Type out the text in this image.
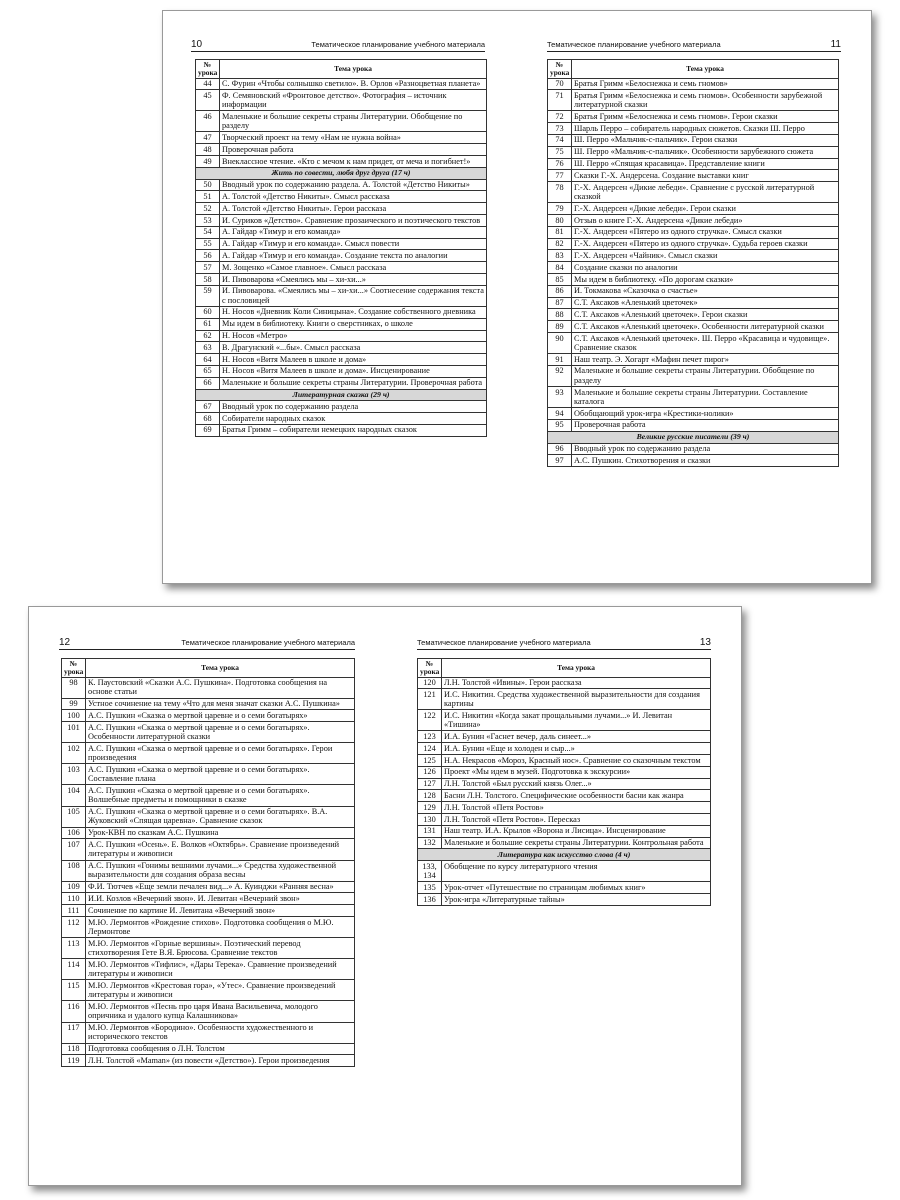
10	Тематическое планирование учебного материала
№ урока	Тема урока
44	С. Фурин «Чтобы солнышко светило». В. Орлов «Разноцветная планета»
45	Ф. Семяновский «Фронтовое детство». Фотография – источник информации
46	Маленькие и большие секреты страны Литературии. Обобщение по разделу
47	Творческий проект на тему «Нам не нужна война»
48	Проверочная работа
49	Внеклассное чтение. «Кто с мечом к нам придет, от меча и погибнет!»
Жить по совести, любя друг друга (17 ч)	
50	Вводный урок по содержанию раздела. А. Толстой «Детство Никиты»
51	А. Толстой «Детство Никиты». Смысл рассказа
52	А. Толстой «Детство Никиты». Герои рассказа
53	И. Суриков «Детство». Сравнение прозаического и поэтического текстов
54	А. Гайдар «Тимур и его команда»
55	А. Гайдар «Тимур и его команда». Смысл повести
56	А. Гайдар «Тимур и его команда». Создание текста по аналогии
57	М. Зощенко «Самое главное». Смысл рассказа
58	И. Пивоварова «Смеялись мы – хи-хи...»
59	И. Пивоварова. «Смеялись мы – хи-хи...» Соотнесение содержания текста с пословицей
60	Н. Носов «Дневник Коли Синицына». Создание собственного дневника
61	Мы идем в библиотеку. Книги о сверстниках, о школе
62	Н. Носов «Метро»
63	В. Драгунский «...бы». Смысл рассказа
64	Н. Носов «Витя Малеев в школе и дома»
65	Н. Носов «Витя Малеев в школе и дома». Инсценирование
66	Маленькие и большие секреты страны Литературии. Проверочная работа
Литературная сказка (29 ч)	
67	Вводный урок по содержанию раздела
68	Собиратели народных сказок
69	Братья Гримм – собиратели немецких народных сказок
Тематическое планирование учебного материала	11
№ урока	Тема урока
70	Братья Гримм «Белоснежка и семь гномов»
71	Братья Гримм «Белоснежка и семь гномов». Особенности зарубежной литературной сказки
72	Братья Гримм «Белоснежка и семь гномов». Герои сказки
73	Шарль Перро – собиратель народных сюжетов. Сказки Ш. Перро
74	Ш. Перро «Мальчик-с-пальчик». Герои сказки
75	Ш. Перро «Мальчик-с-пальчик». Особенности зарубежного сюжета
76	Ш. Перро «Спящая красавица». Представление книги
77	Сказки Г.-Х. Андерсена. Создание выставки книг
78	Г.-Х. Андерсен «Дикие лебеди». Сравнение с русской литературной сказкой
79	Г.-Х. Андерсен «Дикие лебеди». Герои сказки
80	Отзыв о книге Г.-Х. Андерсена «Дикие лебеди»
81	Г.-Х. Андерсен «Пятеро из одного стручка». Смысл сказки
82	Г.-Х. Андерсен «Пятеро из одного стручка». Судьба героев сказки
83	Г.-Х. Андерсен «Чайник». Смысл сказки
84	Создание сказки по аналогии
85	Мы идем в библиотеку. «По дорогам сказки»
86	И. Токмакова «Сказочка о счастье»
87	С.Т. Аксаков «Аленький цветочек»
88	С.Т. Аксаков «Аленький цветочек». Герои сказки
89	С.Т. Аксаков «Аленький цветочек». Особенности литературной сказки
90	С.Т. Аксаков «Аленький цветочек». Ш. Перро «Красавица и чудовище». Сравнение сказок
91	Наш театр. Э. Хогарт «Мафин печет пирог»
92	Маленькие и большие секреты страны Литературии. Обобщение по разделу
93	Маленькие и большие секреты страны Литературии. Составление каталога
94	Обобщающий урок-игра «Крестики-нолики»
95	Проверочная работа
Великие русские писатели (39 ч)	
96	Вводный урок по содержанию раздела
97	А.С. Пушкин. Стихотворения и сказки
12	Тематическое планирование учебного материала
№ урока	Тема урока
98	К. Паустовский «Сказки А.С. Пушкина». Подготовка сообщения на основе статьи
99	Устное сочинение на тему «Что для меня значат сказки А.С. Пушкина»
100	А.С. Пушкин «Сказка о мертвой царевне и о семи богатырях»
101	А.С. Пушкин «Сказка о мертвой царевне и о семи богатырях». Особенности литературной сказки
102	А.С. Пушкин «Сказка о мертвой царевне и о семи богатырях». Герои произведения
103	А.С. Пушкин «Сказка о мертвой царевне и о семи богатырях». Составление плана
104	А.С. Пушкин «Сказка о мертвой царевне и о семи богатырях». Волшебные предметы и помощники в сказке
105	А.С. Пушкин «Сказка о мертвой царевне и о семи богатырях». В.А. Жуковский «Спящая царевна». Сравнение сказок
106	Урок-КВН по сказкам А.С. Пушкина
107	А.С. Пушкин «Осень». Е. Волков «Октябрь». Сравнение произведений литературы и живописи
108	А.С. Пушкин «Гонимы вешними лучами...» Средства художественной выразительности для создания образа весны
109	Ф.И. Тютчев «Еще земли печален вид...» А. Куинджи «Ранняя весна»
110	И.И. Козлов «Вечерний звон». И. Левитан «Вечерний звон»
111	Сочинение по картине И. Левитана «Вечерний звон»
112	М.Ю. Лермонтов «Рождение стихов». Подготовка сообщения о М.Ю. Лермонтове
113	М.Ю. Лермонтов «Горные вершины». Поэтический перевод стихотворения Гете В.Я. Брюсова. Сравнение текстов
114	М.Ю. Лермонтов «Тифлис», «Дары Терека». Сравнение произведений литературы и живописи
115	М.Ю. Лермонтов «Крестовая гора», «Утес». Сравнение произведений литературы и живописи
116	М.Ю. Лермонтов «Песнь про царя Ивана Васильевича, молодого опричника и удалого купца Калашникова»
117	М.Ю. Лермонтов «Бородино». Особенности художественного и исторического текстов
118	Подготовка сообщения о Л.Н. Толстом
119	Л.Н. Толстой «Maman» (из повести «Детство»). Герои произведения
Тематическое планирование учебного материала	13
№ урока	Тема урока
120	Л.Н. Толстой «Ивины». Герои рассказа
121	И.С. Никитин. Средства художественной выразительности для создания картины
122	И.С. Никитин «Когда закат прощальными лучами...» И. Левитан «Тишина»
123	И.А. Бунин «Гаснет вечер, даль синеет...»
124	И.А. Бунин «Еще и холоден и сыр...»
125	Н.А. Некрасов «Мороз, Красный нос». Сравнение со сказочным текстом
126	Проект «Мы идем в музей. Подготовка к экскурсии»
127	Л.Н. Толстой «Был русский князь Олег...»
128	Басни Л.Н. Толстого. Специфические особенности басни как жанра
129	Л.Н. Толстой «Петя Ростов»
130	Л.Н. Толстой «Петя Ростов». Пересказ
131	Наш театр. И.А. Крылов «Ворона и Лисица». Инсценирование
132	Маленькие и большие секреты страны Литературии. Контрольная работа
Литература как искусство слова (4 ч)	
133, 134	Обобщение по курсу литературного чтения
135	Урок-отчет «Путешествие по страницам любимых книг»
136	Урок-игра «Литературные тайны»
